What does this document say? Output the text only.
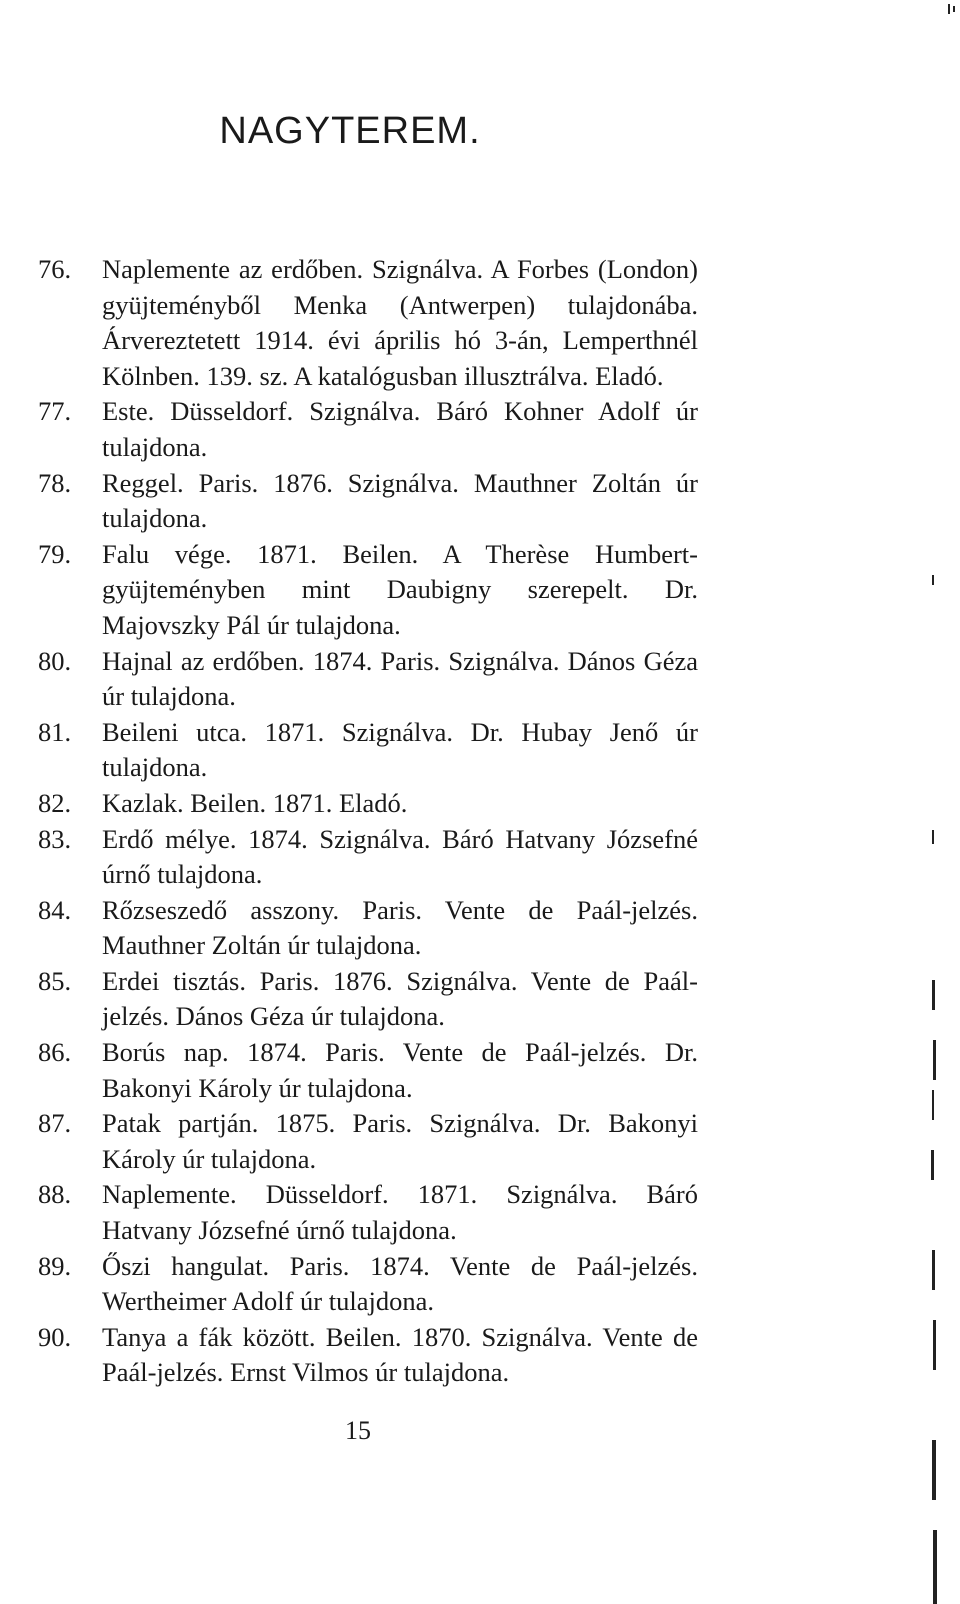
NAGYTEREM.
76.	Naplemente az erdőben. Szignálva. A Forbes (London) gyüjteményből Menka (Antwerpen) tulajdonába. Árvereztetett 1914. évi április hó 3-án, Lemperthnél Kölnben. 139. sz. A katalógusban illusztrálva. Eladó.
77.	Este. Düsseldorf. Szignálva. Báró Kohner Adolf úr tulajdona.
78.	Reggel. Paris. 1876. Szignálva. Mauthner Zoltán úr tulajdona.
79.	Falu vége. 1871. Beilen. A Therèse Humbert-gyüjteményben mint Daubigny szerepelt. Dr. Majovszky Pál úr tulajdona.
80.	Hajnal az erdőben. 1874. Paris. Szignálva. Dános Géza úr tulajdona.
81.	Beileni utca. 1871. Szignálva. Dr. Hubay Jenő úr tulajdona.
82.	Kazlak. Beilen. 1871. Eladó.
83.	Erdő mélye. 1874. Szignálva. Báró Hatvany Józsefné úrnő tulajdona.
84.	Rőzseszedő asszony. Paris. Vente de Paál-jelzés. Mauthner Zoltán úr tulajdona.
85.	Erdei tisztás. Paris. 1876. Szignálva. Vente de Paál-jelzés. Dános Géza úr tulajdona.
86.	Borús nap. 1874. Paris. Vente de Paál-jelzés. Dr. Bakonyi Károly úr tulajdona.
87.	Patak partján. 1875. Paris. Szignálva. Dr. Bakonyi Károly úr tulajdona.
88.	Naplemente. Düsseldorf. 1871. Szignálva. Báró Hatvany Józsefné úrnő tulajdona.
89.	Őszi hangulat. Paris. 1874. Vente de Paál-jelzés. Wertheimer Adolf úr tulajdona.
90.	Tanya a fák között. Beilen. 1870. Szignálva. Vente de Paál-jelzés. Ernst Vilmos úr tulajdona.

15
